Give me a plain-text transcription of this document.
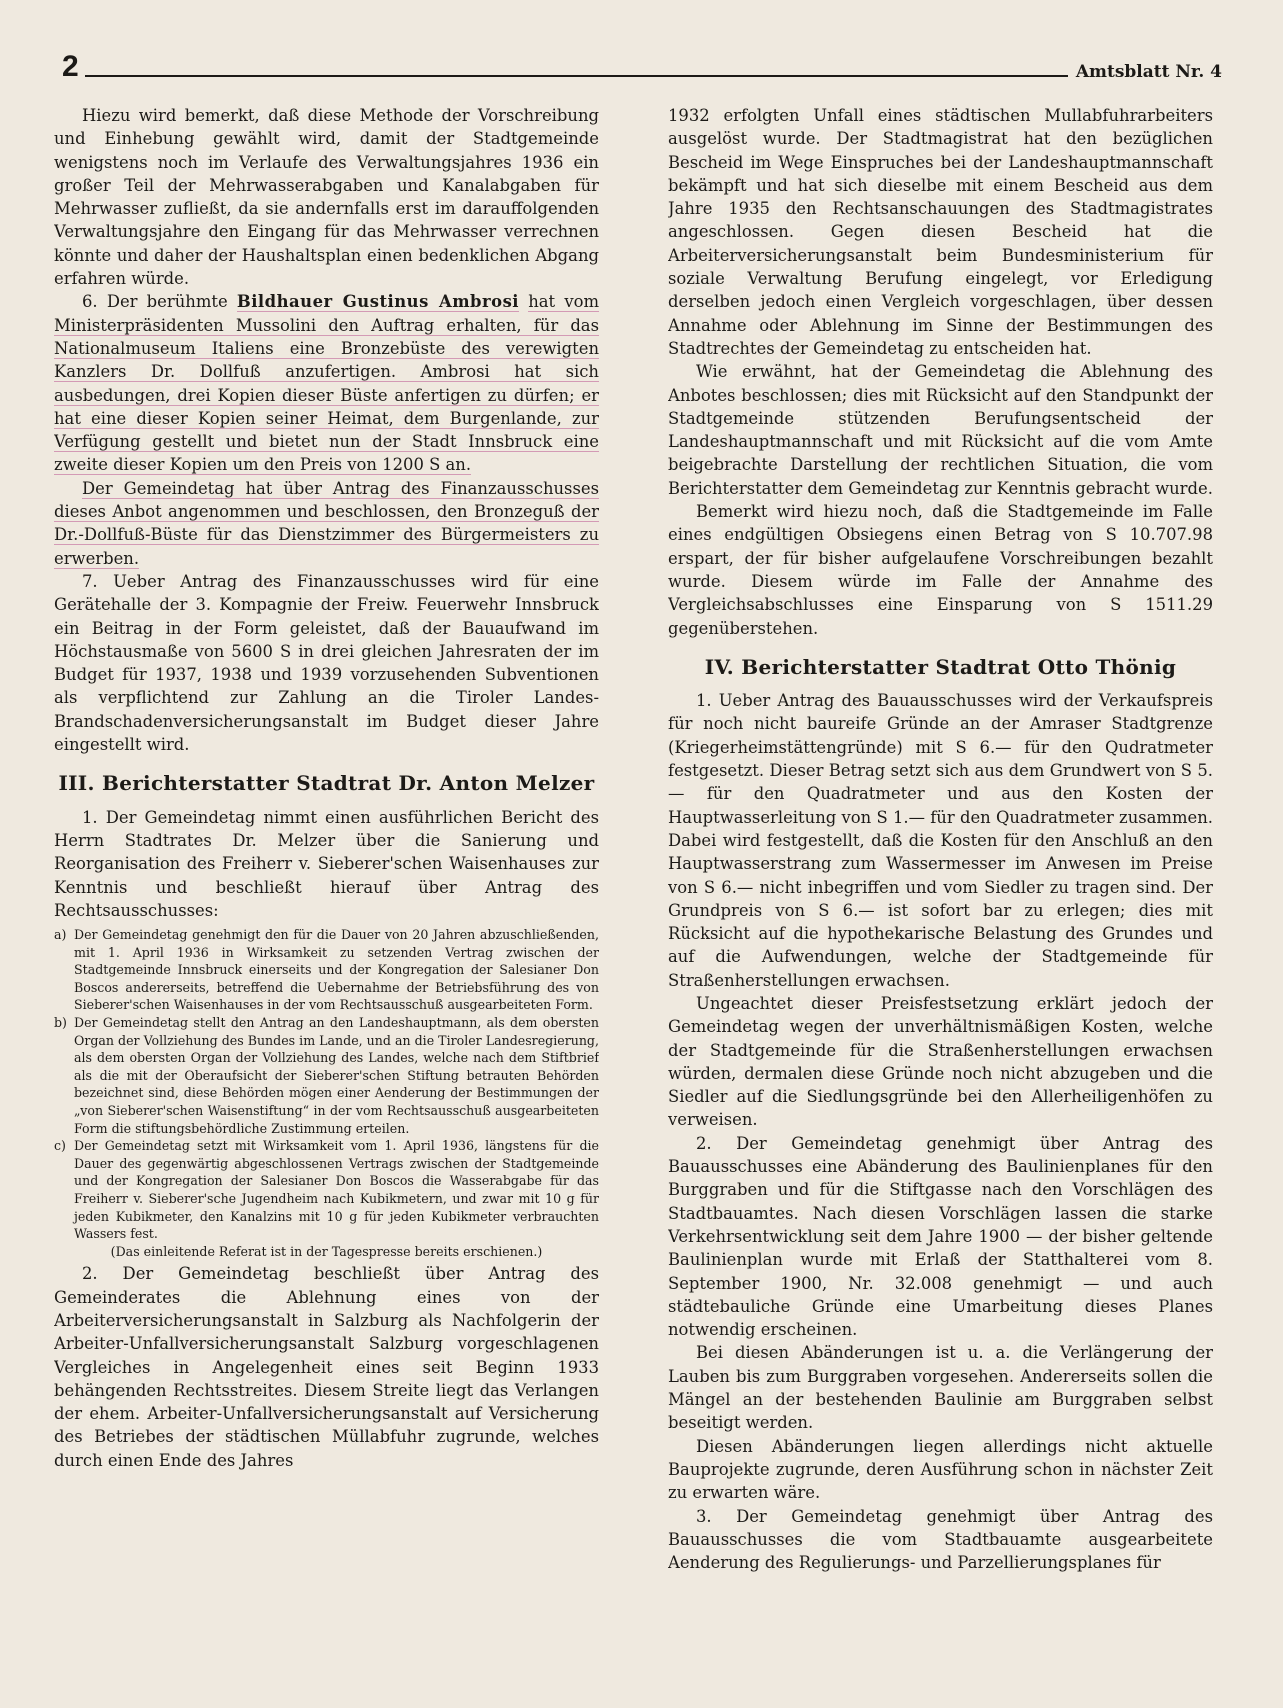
2	Amtsblatt Nr. 4

Hiezu wird bemerkt, daß diese Methode der Vorschreibung und Einhebung gewählt wird, damit der Stadtgemeinde wenigstens noch im Verlaufe des Verwaltungsjahres 1936 ein großer Teil der Mehrwasserabgaben und Kanalabgaben für Mehrwasser zufließt, da sie andernfalls erst im darauffolgenden Verwaltungsjahre den Eingang für das Mehrwasser verrechnen könnte und daher der Haushaltsplan einen bedenklichen Abgang erfahren würde.

6. Der berühmte Bildhauer Gustinus Ambrosi hat vom Ministerpräsidenten Mussolini den Auftrag erhalten, für das Nationalmuseum Italiens eine Bronzebüste des verewigten Kanzlers Dr. Dollfuß anzufertigen. Ambrosi hat sich ausbedungen, drei Kopien dieser Büste anfertigen zu dürfen; er hat eine dieser Kopien seiner Heimat, dem Burgenlande, zur Verfügung gestellt und bietet nun der Stadt Innsbruck eine zweite dieser Kopien um den Preis von 1200 S an.

Der Gemeindetag hat über Antrag des Finanzausschusses dieses Anbot angenommen und beschlossen, den Bronzeguß der Dr.-Dollfuß-Büste für das Dienstzimmer des Bürgermeisters zu erwerben.

7. Ueber Antrag des Finanzausschusses wird für eine Gerätehalle der 3. Kompagnie der Freiw. Feuerwehr Innsbruck ein Beitrag in der Form geleistet, daß der Bauaufwand im Höchstausmaße von 5600 S in drei gleichen Jahresraten der im Budget für 1937, 1938 und 1939 vorzusehenden Subventionen als verpflichtend zur Zahlung an die Tiroler Landes-Brandschadenversicherungsanstalt im Budget dieser Jahre eingestellt wird.

III. Berichterstatter Stadtrat Dr. Anton Melzer

1. Der Gemeindetag nimmt einen ausführlichen Bericht des Herrn Stadtrates Dr. Melzer über die Sanierung und Reorganisation des Freiherr v. Sieberer'schen Waisenhauses zur Kenntnis und beschließt hierauf über Antrag des Rechtsausschusses:

a) Der Gemeindetag genehmigt den für die Dauer von 20 Jahren abzuschließenden, mit 1. April 1936 in Wirksamkeit zu setzenden Vertrag zwischen der Stadtgemeinde Innsbruck einerseits und der Kongregation der Salesianer Don Boscos andererseits, betreffend die Uebernahme der Betriebsführung des von Sieberer'schen Waisenhauses in der vom Rechtsausschuß ausgearbeiteten Form.
b) Der Gemeindetag stellt den Antrag an den Landeshauptmann, als dem obersten Organ der Vollziehung des Bundes im Lande, und an die Tiroler Landesregierung, als dem obersten Organ der Vollziehung des Landes, welche nach dem Stiftbrief als die mit der Oberaufsicht der Sieberer'schen Stiftung betrauten Behörden bezeichnet sind, diese Behörden mögen einer Aenderung der Bestimmungen der „von Sieberer'schen Waisenstiftung“ in der vom Rechtsausschuß ausgearbeiteten Form die stiftungsbehördliche Zustimmung erteilen.
c) Der Gemeindetag setzt mit Wirksamkeit vom 1. April 1936, längstens für die Dauer des gegenwärtig abgeschlossenen Vertrags zwischen der Stadtgemeinde und der Kongregation der Salesianer Don Boscos die Wasserabgabe für das Freiherr v. Sieberer'sche Jugendheim nach Kubikmetern, und zwar mit 10 g für jeden Kubikmeter, den Kanalzins mit 10 g für jeden Kubikmeter verbrauchten Wassers fest.
(Das einleitende Referat ist in der Tagespresse bereits erschienen.)

2. Der Gemeindetag beschließt über Antrag des Gemeinderates die Ablehnung eines von der Arbeiterversicherungsanstalt in Salzburg als Nachfolgerin der Arbeiter-Unfallversicherungsanstalt Salzburg vorgeschlagenen Vergleiches in Angelegenheit eines seit Beginn 1933 behängenden Rechtsstreites. Diesem Streite liegt das Verlangen der ehem. Arbeiter-Unfallversicherungsanstalt auf Versicherung des Betriebes der städtischen Müllabfuhr zugrunde, welches durch einen Ende des Jahres

1932 erfolgten Unfall eines städtischen Mullabfuhrarbeiters ausgelöst wurde. Der Stadtmagistrat hat den bezüglichen Bescheid im Wege Einspruches bei der Landeshauptmannschaft bekämpft und hat sich dieselbe mit einem Bescheid aus dem Jahre 1935 den Rechtsanschauungen des Stadtmagistrates angeschlossen. Gegen diesen Bescheid hat die Arbeiterversicherungsanstalt beim Bundesministerium für soziale Verwaltung Berufung eingelegt, vor Erledigung derselben jedoch einen Vergleich vorgeschlagen, über dessen Annahme oder Ablehnung im Sinne der Bestimmungen des Stadtrechtes der Gemeindetag zu entscheiden hat.

Wie erwähnt, hat der Gemeindetag die Ablehnung des Anbotes beschlossen; dies mit Rücksicht auf den Standpunkt der Stadtgemeinde stützenden Berufungsentscheid der Landeshauptmannschaft und mit Rücksicht auf die vom Amte beigebrachte Darstellung der rechtlichen Situation, die vom Berichterstatter dem Gemeindetag zur Kenntnis gebracht wurde.

Bemerkt wird hiezu noch, daß die Stadtgemeinde im Falle eines endgültigen Obsiegens einen Betrag von S 10.707.98 erspart, der für bisher aufgelaufene Vorschreibungen bezahlt wurde. Diesem würde im Falle der Annahme des Vergleichsabschlusses eine Einsparung von S 1511.29 gegenüberstehen.

IV. Berichterstatter Stadtrat Otto Thönig

1. Ueber Antrag des Bauausschusses wird der Verkaufspreis für noch nicht baureife Gründe an der Amraser Stadtgrenze (Kriegerheimstättengründe) mit S 6.— für den Qudratmeter festgesetzt. Dieser Betrag setzt sich aus dem Grundwert von S 5.— für den Quadratmeter und aus den Kosten der Hauptwasserleitung von S 1.— für den Quadratmeter zusammen. Dabei wird festgestellt, daß die Kosten für den Anschluß an den Hauptwasserstrang zum Wassermesser im Anwesen im Preise von S 6.— nicht inbegriffen und vom Siedler zu tragen sind. Der Grundpreis von S 6.— ist sofort bar zu erlegen; dies mit Rücksicht auf die hypothekarische Belastung des Grundes und auf die Aufwendungen, welche der Stadtgemeinde für Straßenherstellungen erwachsen.

Ungeachtet dieser Preisfestsetzung erklärt jedoch der Gemeindetag wegen der unverhältnismäßigen Kosten, welche der Stadtgemeinde für die Straßenherstellungen erwachsen würden, dermalen diese Gründe noch nicht abzugeben und die Siedler auf die Siedlungsgründe bei den Allerheiligenhöfen zu verweisen.

2. Der Gemeindetag genehmigt über Antrag des Bauausschusses eine Abänderung des Baulinienplanes für den Burggraben und für die Stiftgasse nach den Vorschlägen des Stadtbauamtes. Nach diesen Vorschlägen lassen die starke Verkehrsentwicklung seit dem Jahre 1900 — der bisher geltende Baulinienplan wurde mit Erlaß der Statthalterei vom 8. September 1900, Nr. 32.008 genehmigt — und auch städtebauliche Gründe eine Umarbeitung dieses Planes notwendig erscheinen.

Bei diesen Abänderungen ist u. a. die Verlängerung der Lauben bis zum Burggraben vorgesehen. Andererseits sollen die Mängel an der bestehenden Baulinie am Burggraben selbst beseitigt werden.

Diesen Abänderungen liegen allerdings nicht aktuelle Bauprojekte zugrunde, deren Ausführung schon in nächster Zeit zu erwarten wäre.

3. Der Gemeindetag genehmigt über Antrag des Bauausschusses die vom Stadtbauamte ausgearbeitete Aenderung des Regulierungs- und Parzellierungsplanes für
